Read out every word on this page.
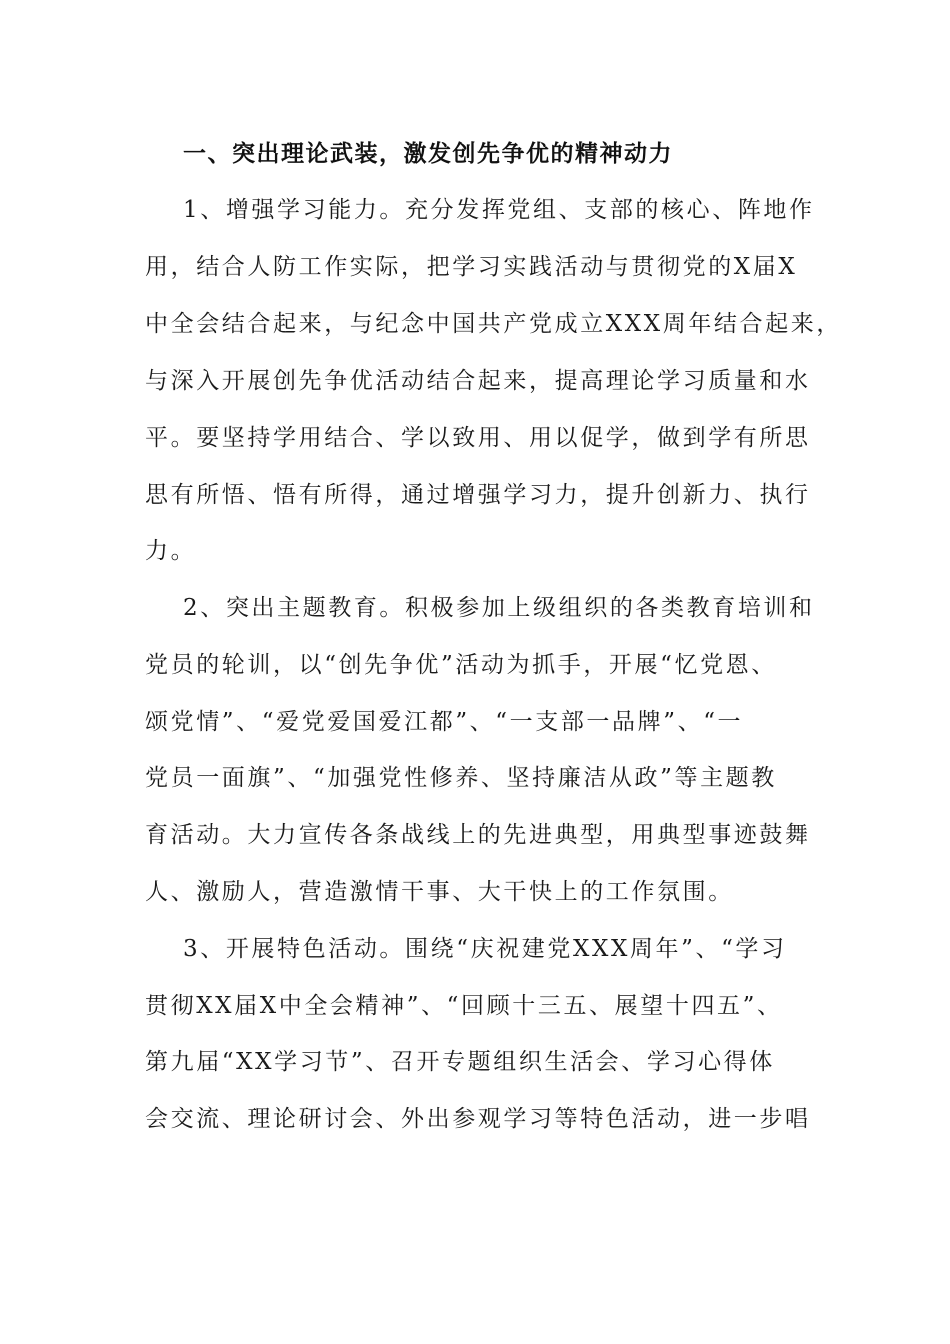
一、突出理论武装，激发创先争优的精神动力
1、增强学习能力。充分发挥党组、支部的核心、阵地作
用，结合人防工作实际，把学习实践活动与贯彻党的X届X
中全会结合起来，与纪念中国共产党成立XXX周年结合起来，
与深入开展创先争优活动结合起来，提高理论学习质量和水
平。要坚持学用结合、学以致用、用以促学，做到学有所思
思有所悟、悟有所得，通过增强学习力，提升创新力、执行
力。
2、突出主题教育。积极参加上级组织的各类教育培训和
党员的轮训，以“创先争优”活动为抓手，开展“忆党恩、
颂党情”、“爱党爱国爱江都”、“一支部一品牌”、“一
党员一面旗”、“加强党性修养、坚持廉洁从政”等主题教
育活动。大力宣传各条战线上的先进典型，用典型事迹鼓舞
人、激励人，营造激情干事、大干快上的工作氛围。
3、开展特色活动。围绕“庆祝建党XXX周年”、“学习
贯彻XX届X中全会精神”、“回顾十三五、展望十四五”、
第九届“XX学习节”、召开专题组织生活会、学习心得体
会交流、理论研讨会、外出参观学习等特色活动，进一步唱
